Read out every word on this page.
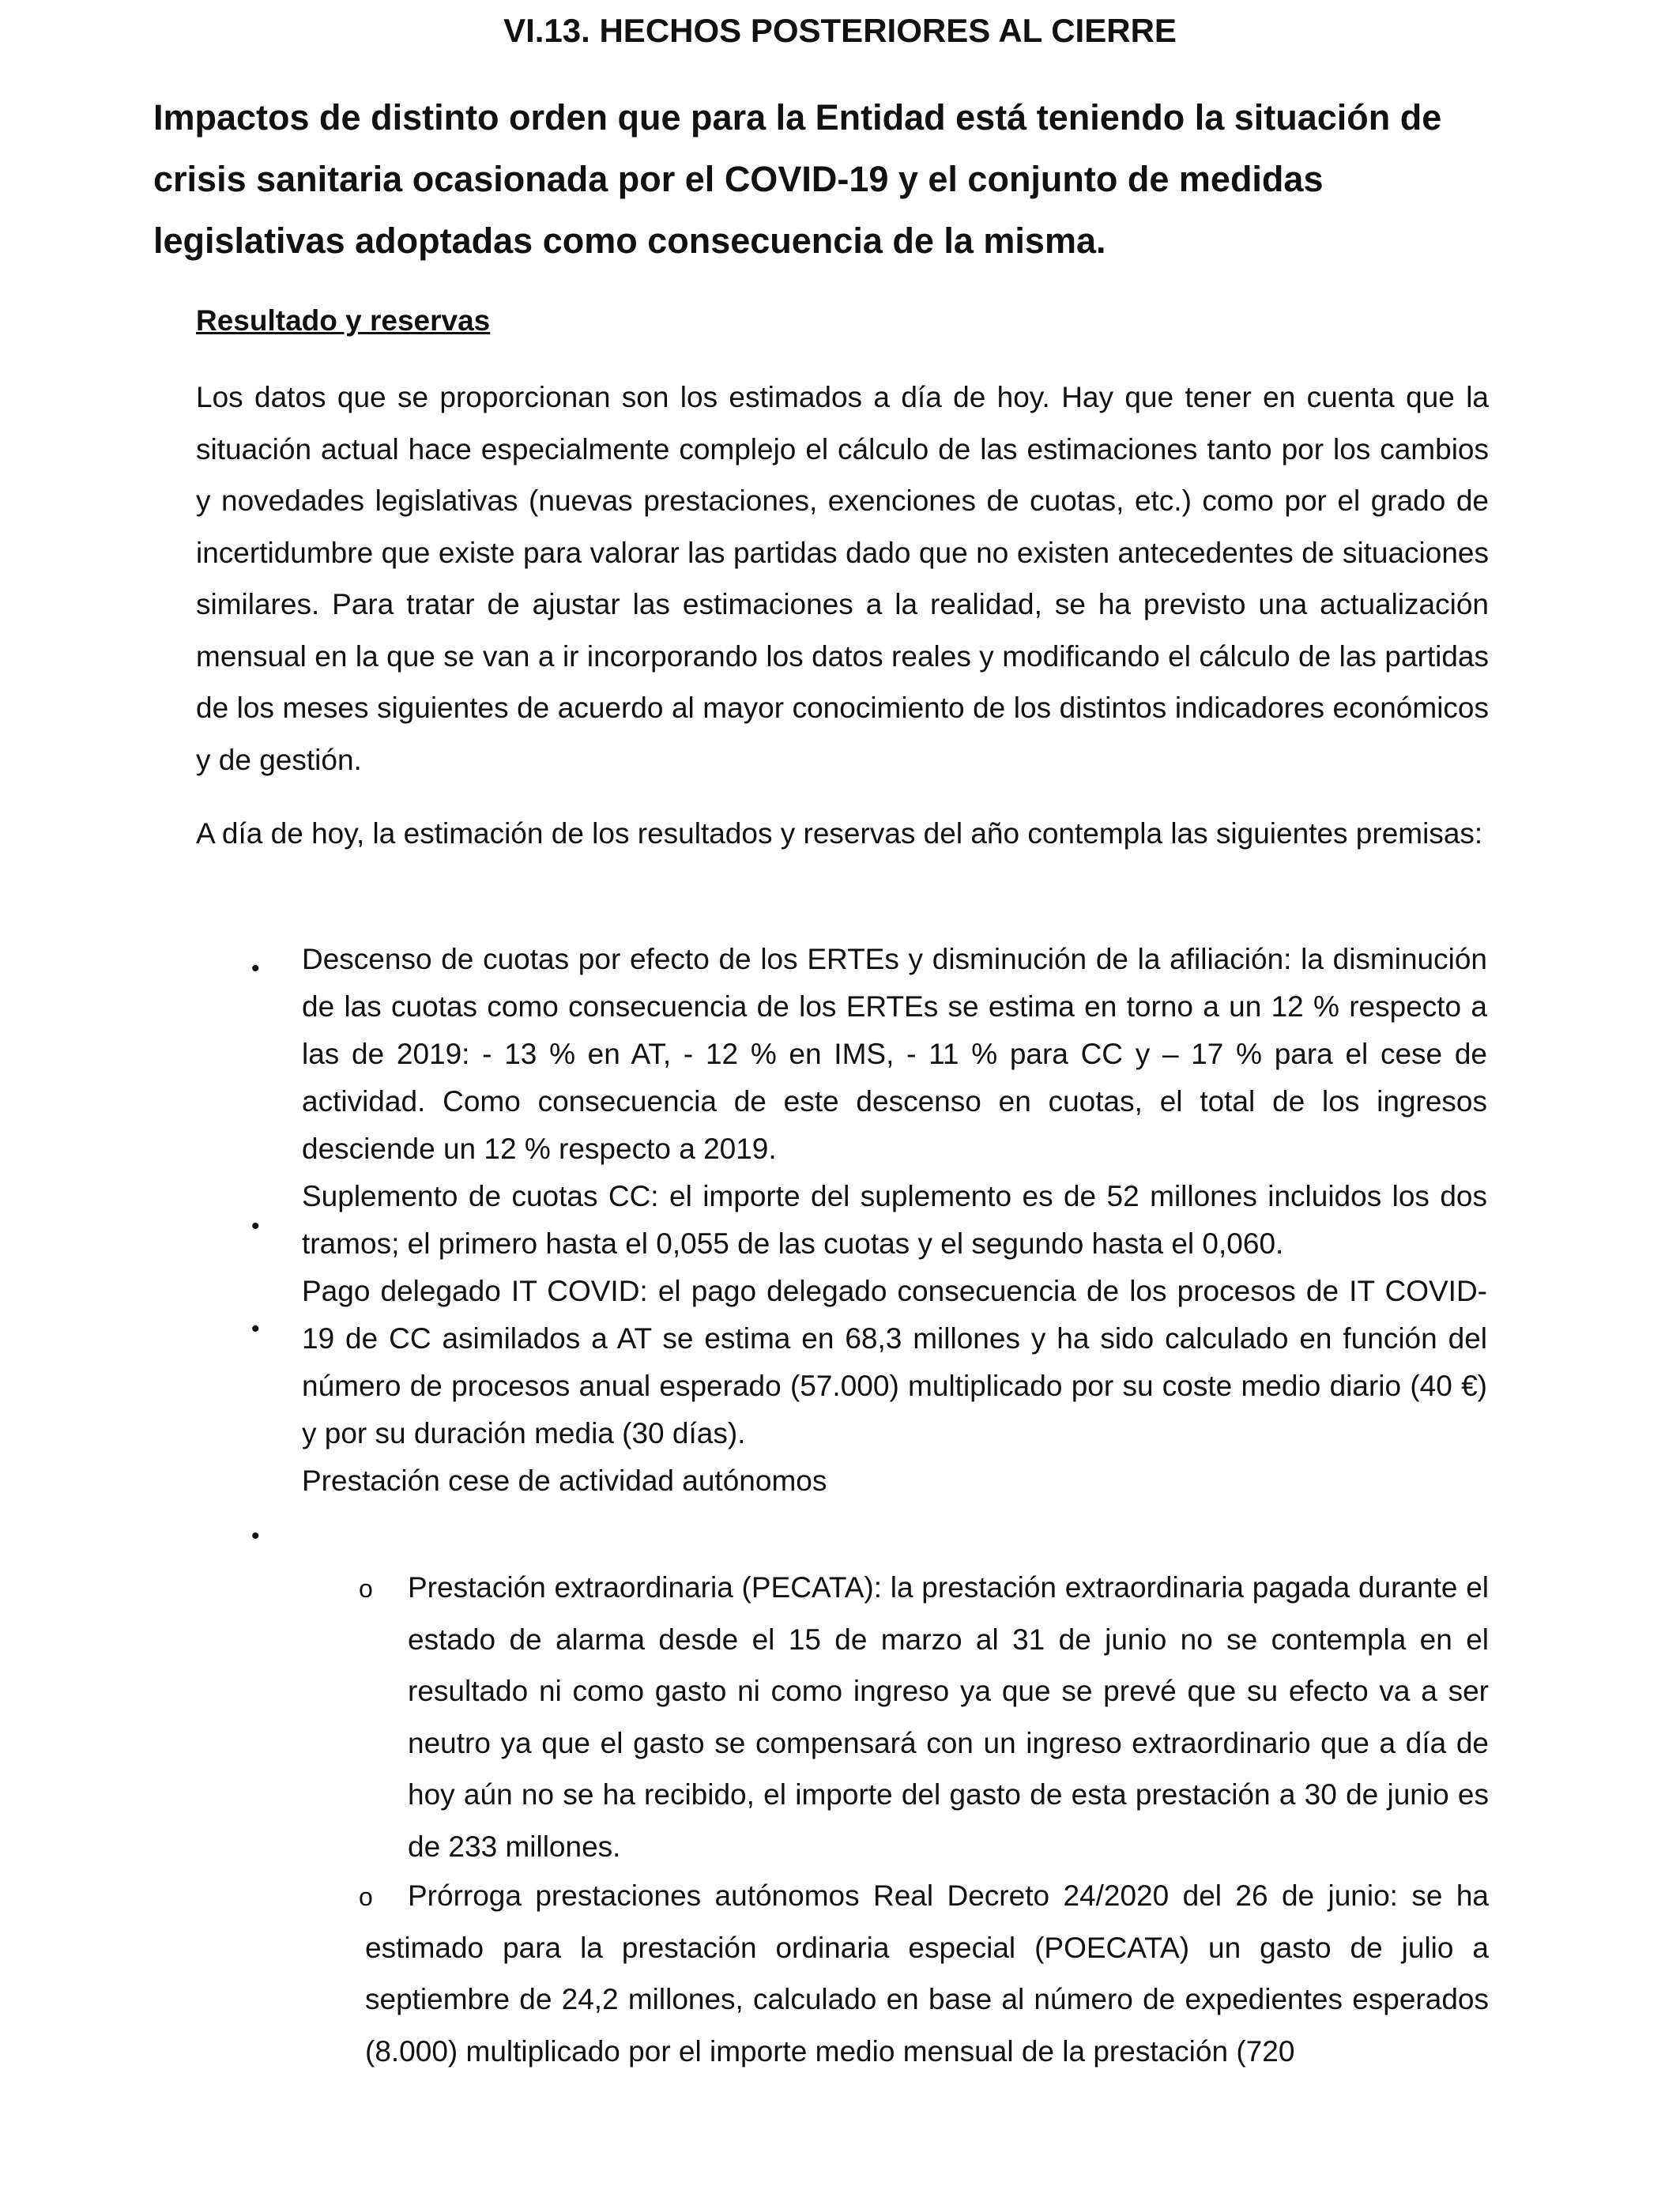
VI.13. HECHOS POSTERIORES AL CIERRE
Impactos de distinto orden que para la Entidad está teniendo la situación de crisis sanitaria ocasionada por el COVID-19 y el conjunto de medidas legislativas adoptadas como consecuencia de la misma.
Resultado y reservas

Los datos que se proporcionan son los estimados a día de hoy. Hay que tener en cuenta que la situación actual hace especialmente complejo el cálculo de las estimaciones tanto por los cambios y novedades legislativas (nuevas prestaciones, exenciones de cuotas, etc.) como por el grado de incertidumbre que existe para valorar las partidas dado que no existen antecedentes de situaciones similares. Para tratar de ajustar las estimaciones a la realidad, se ha previsto una actualización mensual en la que se van a ir incorporando los datos reales y modificando el cálculo de las partidas de los meses siguientes de acuerdo al mayor conocimiento de los distintos indicadores económicos y de gestión.

A día de hoy, la estimación de los resultados y reservas del año contempla las siguientes premisas:

• Descenso de cuotas por efecto de los ERTEs y disminución de la afiliación: la disminución de las cuotas como consecuencia de los ERTEs se estima en torno a un 12 % respecto a las de 2019: - 13 % en AT, - 12 % en IMS, - 11 % para CC y – 17 % para el cese de actividad. Como consecuencia de este descenso en cuotas, el total de los ingresos desciende un 12 % respecto a 2019.

•

Suplemento de cuotas CC: el importe del suplemento es de 52 millones incluidos los dos tramos; el primero hasta el 0,055 de las cuotas y el segundo hasta el 0,060.

•

Pago delegado IT COVID: el pago delegado consecuencia de los procesos de IT COVID-19 de CC asimilados a AT se estima en 68,3 millones y ha sido calculado en función del número de procesos anual esperado (57.000) multiplicado por su coste medio diario (40 €) y por su duración media (30 días).

Prestación cese de actividad autónomos

•
o Prestación extraordinaria (PECATA): la prestación extraordinaria pagada durante el estado de alarma desde el 15 de marzo al 31 de junio no se contempla en el resultado ni como gasto ni como ingreso ya que se prevé que su efecto va a ser neutro ya que el gasto se compensará con un ingreso extraordinario que a día de hoy aún no se ha recibido, el importe del gasto de esta prestación a 30 de junio es de 233 millones.

o	Prórroga prestaciones autónomos Real Decreto 24/2020 del 26 de junio: se ha estimado para la prestación ordinaria especial (POECATA) un gasto de julio a septiembre de 24,2 millones, calculado en base al número de expedientes esperados (8.000) multiplicado por el importe medio mensual de la prestación (720
